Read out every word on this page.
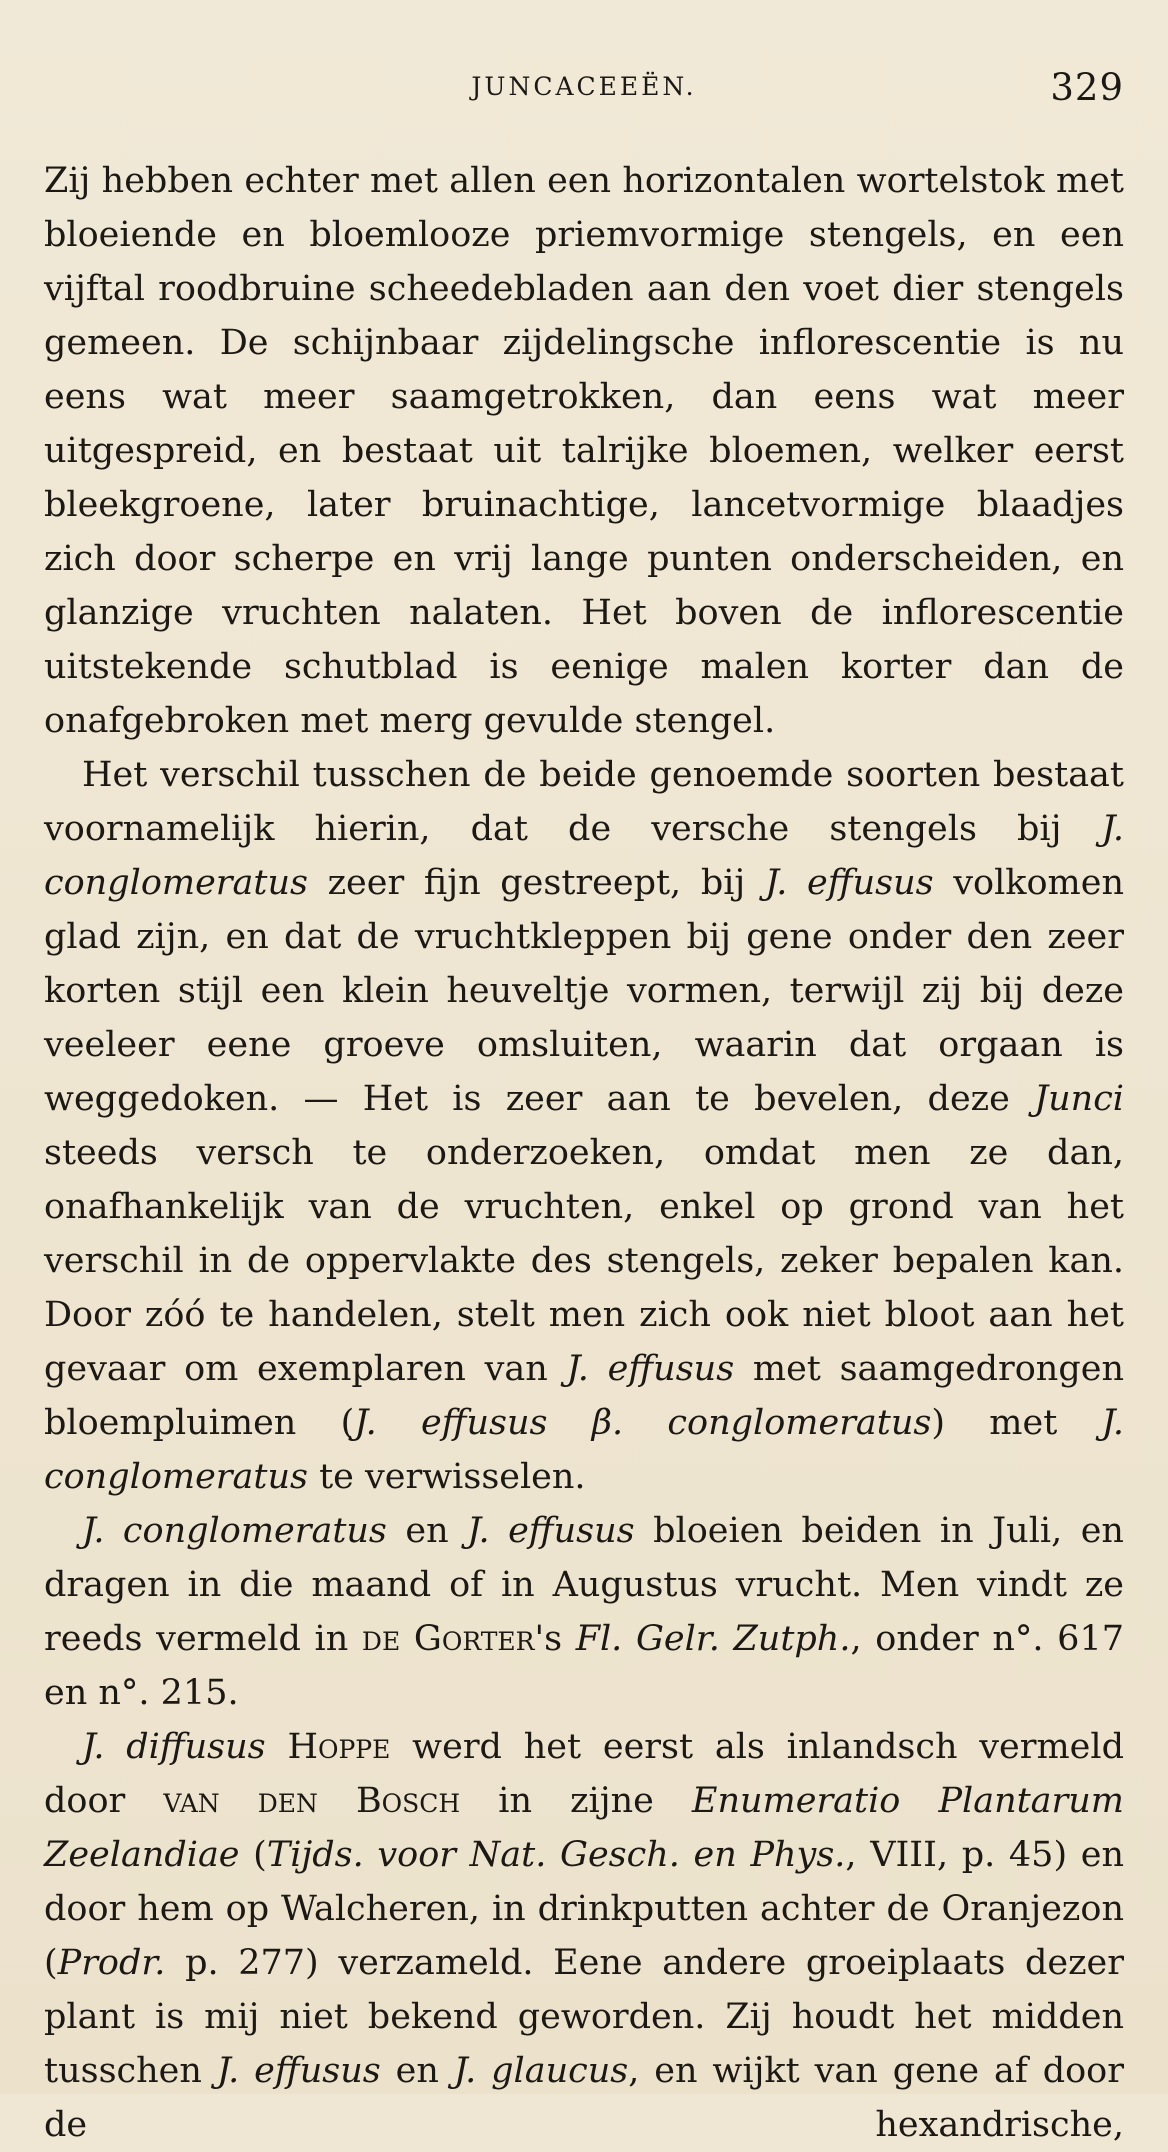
JUNCACEEËN.	329

Zij hebben echter met allen een horizontalen wortelstok met bloeiende en bloemlooze priemvormige stengels, en een vijftal roodbruine scheedebladen aan den voet dier stengels gemeen. De schijnbaar zijdelingsche inflorescentie is nu eens wat meer saamgetrokken, dan eens wat meer uitgespreid, en bestaat uit talrijke bloemen, welker eerst bleekgroene, later bruinachtige, lancetvormige blaadjes zich door scherpe en vrij lange punten onderscheiden, en glanzige vruchten nalaten. Het boven de inflorescentie uitstekende schutblad is eenige malen korter dan de onafgebroken met merg gevulde stengel.

Het verschil tusschen de beide genoemde soorten bestaat voornamelijk hierin, dat de versche stengels bij J. conglomeratus zeer fijn gestreept, bij J. effusus volkomen glad zijn, en dat de vruchtkleppen bij gene onder den zeer korten stijl een klein heuveltje vormen, terwijl zij bij deze veeleer eene groeve omsluiten, waarin dat orgaan is weggedoken. — Het is zeer aan te bevelen, deze Junci steeds versch te onderzoeken, omdat men ze dan, onafhankelijk van de vruchten, enkel op grond van het verschil in de oppervlakte des stengels, zeker bepalen kan. Door zóó te handelen, stelt men zich ook niet bloot aan het gevaar om exemplaren van J. effusus met saamgedrongen bloempluimen (J. effusus β. conglomeratus) met J. conglomeratus te verwisselen.

J. conglomeratus en J. effusus bloeien beiden in Juli, en dragen in die maand of in Augustus vrucht. Men vindt ze reeds vermeld in de Gorter's Fl. Gelr. Zutph., onder n°. 617 en n°. 215.

J. diffusus Hoppe werd het eerst als inlandsch vermeld door van den Bosch in zijne Enumeratio Plantarum Zeelandiae (Tijds. voor Nat. Gesch. en Phys., VIII, p. 45) en door hem op Walcheren, in drinkputten achter de Oranjezon (Prodr. p. 277) verzameld. Eene andere groeiplaats dezer plant is mij niet bekend geworden. Zij houdt het midden tusschen J. effusus en J. glaucus, en wijkt van gene af door de hexandrische,
